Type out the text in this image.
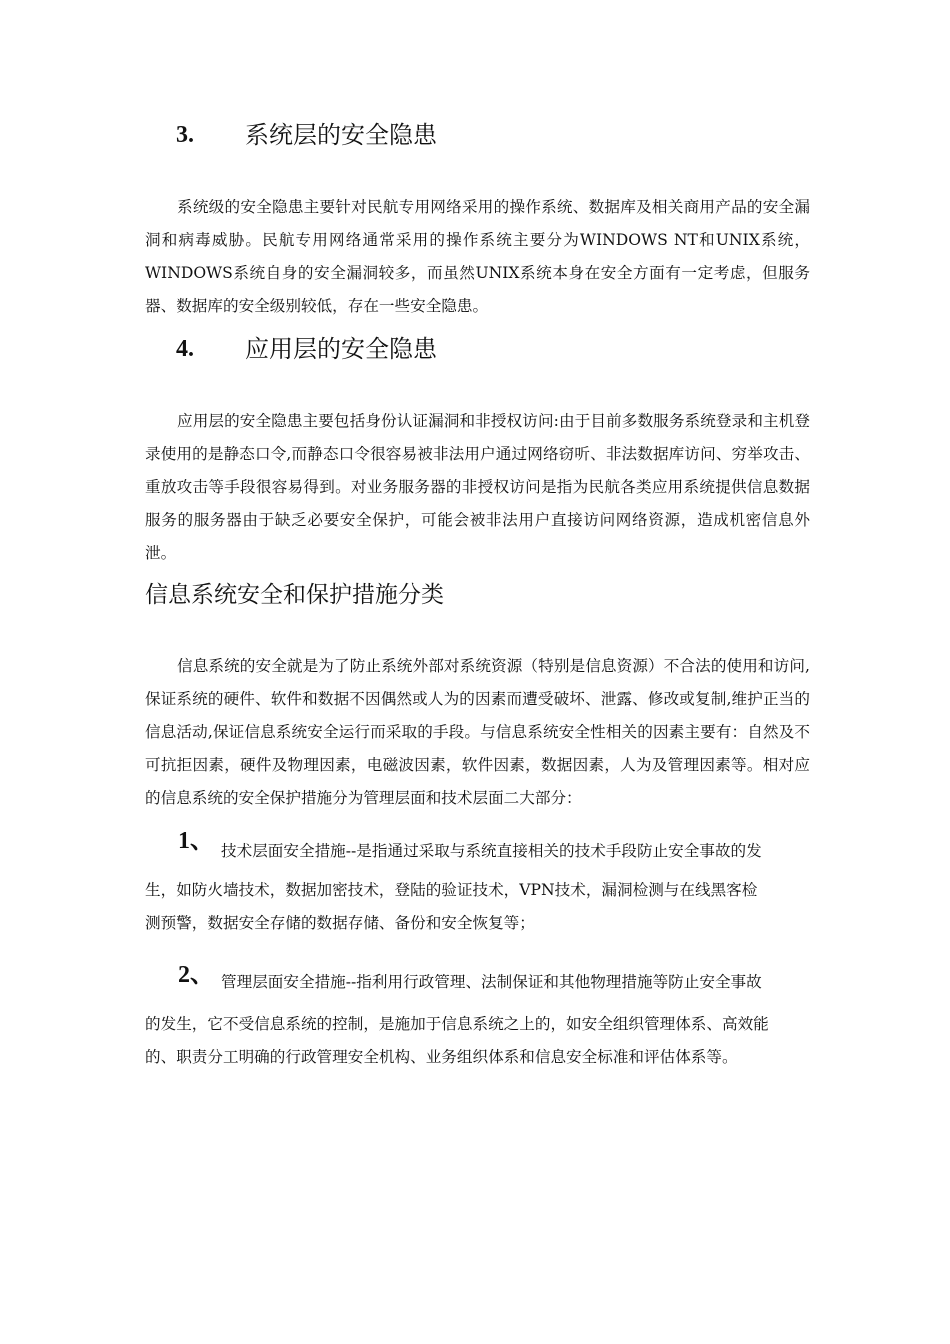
3. 系统层的安全隐患

系统级的安全隐患主要针对民航专用网络采用的操作系统、数据库及相关商用产品的安全漏洞和病毒威胁。民航专用网络通常采用的操作系统主要分为WINDOWS NT和UNIX系统，WINDOWS系统自身的安全漏洞较多，而虽然UNIX系统本身在安全方面有一定考虑，但服务器、数据库的安全级别较低，存在一些安全隐患。

4. 应用层的安全隐患

应用层的安全隐患主要包括身份认证漏洞和非授权访问:由于目前多数服务系统登录和主机登录使用的是静态口令,而静态口令很容易被非法用户通过网络窃听、非法数据库访问、穷举攻击、重放攻击等手段很容易得到。对业务服务器的非授权访问是指为民航各类应用系统提供信息数据服务的服务器由于缺乏必要安全保护，可能会被非法用户直接访问网络资源，造成机密信息外泄。

信息系统安全和保护措施分类

信息系统的安全就是为了防止系统外部对系统资源（特别是信息资源）不合法的使用和访问,保证系统的硬件、软件和数据不因偶然或人为的因素而遭受破坏、泄露、修改或复制,维护正当的信息活动,保证信息系统安全运行而采取的手段。与信息系统安全性相关的因素主要有：自然及不可抗拒因素，硬件及物理因素，电磁波因素，软件因素，数据因素，人为及管理因素等。相对应的信息系统的安全保护措施分为管理层面和技术层面二大部分：

1、 技术层面安全措施--是指通过采取与系统直接相关的技术手段防止安全事故的发

生，如防火墙技术，数据加密技术，登陆的验证技术，VPN技术，漏洞检测与在线黑客检

测预警，数据安全存储的数据存储、备份和安全恢复等；

2、 管理层面安全措施--指利用行政管理、法制保证和其他物理措施等防止安全事故

的发生，它不受信息系统的控制，是施加于信息系统之上的，如安全组织管理体系、高效能

的、职责分工明确的行政管理安全机构、业务组织体系和信息安全标准和评估体系等。
